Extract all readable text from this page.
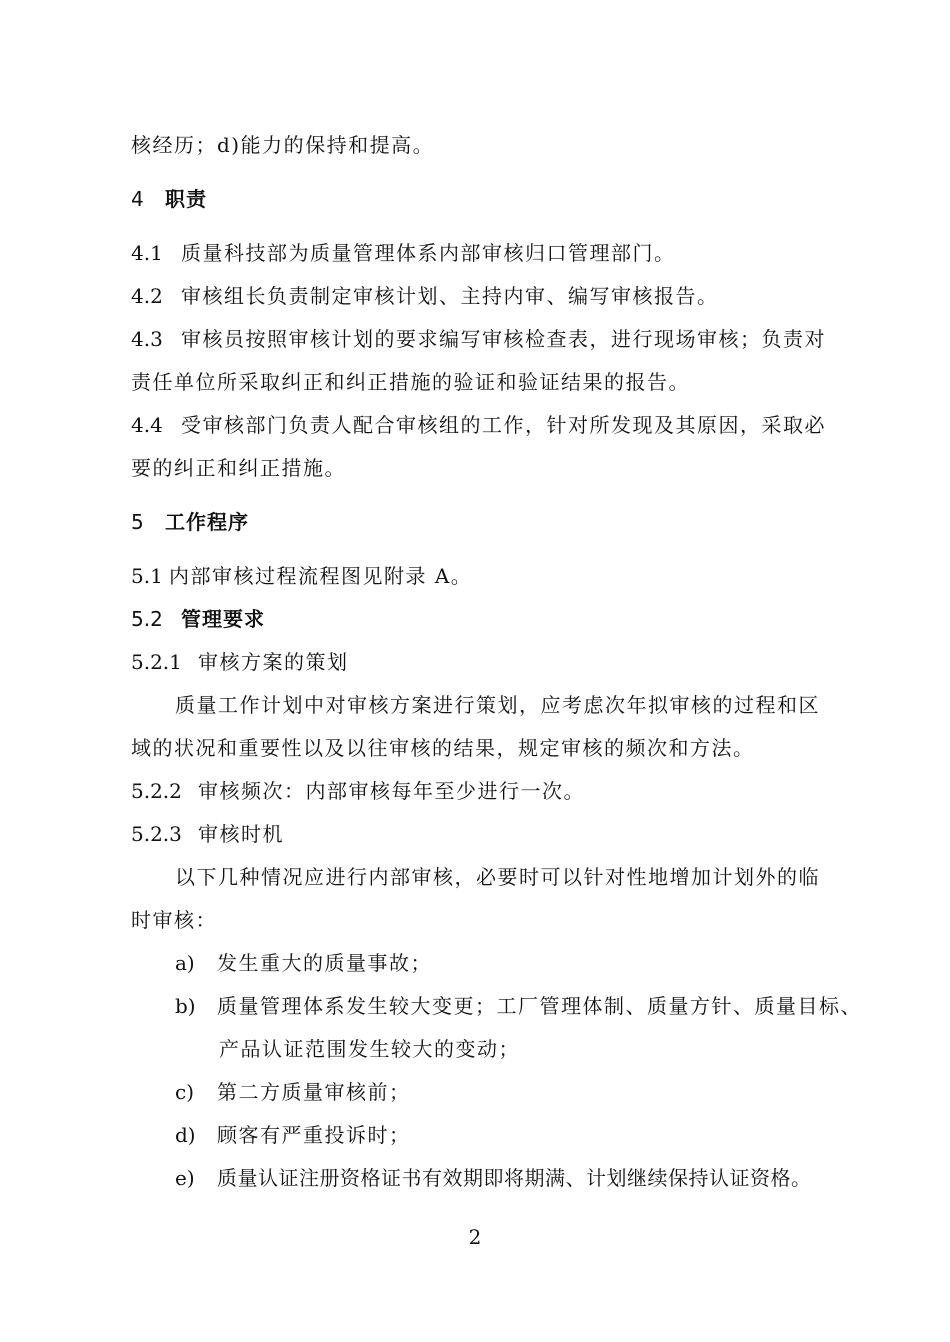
核经历；d)能力的保持和提高。
4 职责
4.1 质量科技部为质量管理体系内部审核归口管理部门。
4.2 审核组长负责制定审核计划、主持内审、编写审核报告。
4.3 审核员按照审核计划的要求编写审核检查表，进行现场审核；负责对
责任单位所采取纠正和纠正措施的验证和验证结果的报告。
4.4 受审核部门负责人配合审核组的工作，针对所发现及其原因，采取必
要的纠正和纠正措施。
5 工作程序
5.1 内部审核过程流程图见附录 A。
5.2 管理要求
5.2.1 审核方案的策划
质量工作计划中对审核方案进行策划，应考虑次年拟审核的过程和区
域的状况和重要性以及以往审核的结果，规定审核的频次和方法。
5.2.2 审核频次：内部审核每年至少进行一次。
5.2.3 审核时机
以下几种情况应进行内部审核，必要时可以针对性地增加计划外的临
时审核：
a) 发生重大的质量事故；
b) 质量管理体系发生较大变更；工厂管理体制、质量方针、质量目标、
产品认证范围发生较大的变动；
c) 第二方质量审核前；
d) 顾客有严重投诉时；
e) 质量认证注册资格证书有效期即将期满、计划继续保持认证资格。
2
